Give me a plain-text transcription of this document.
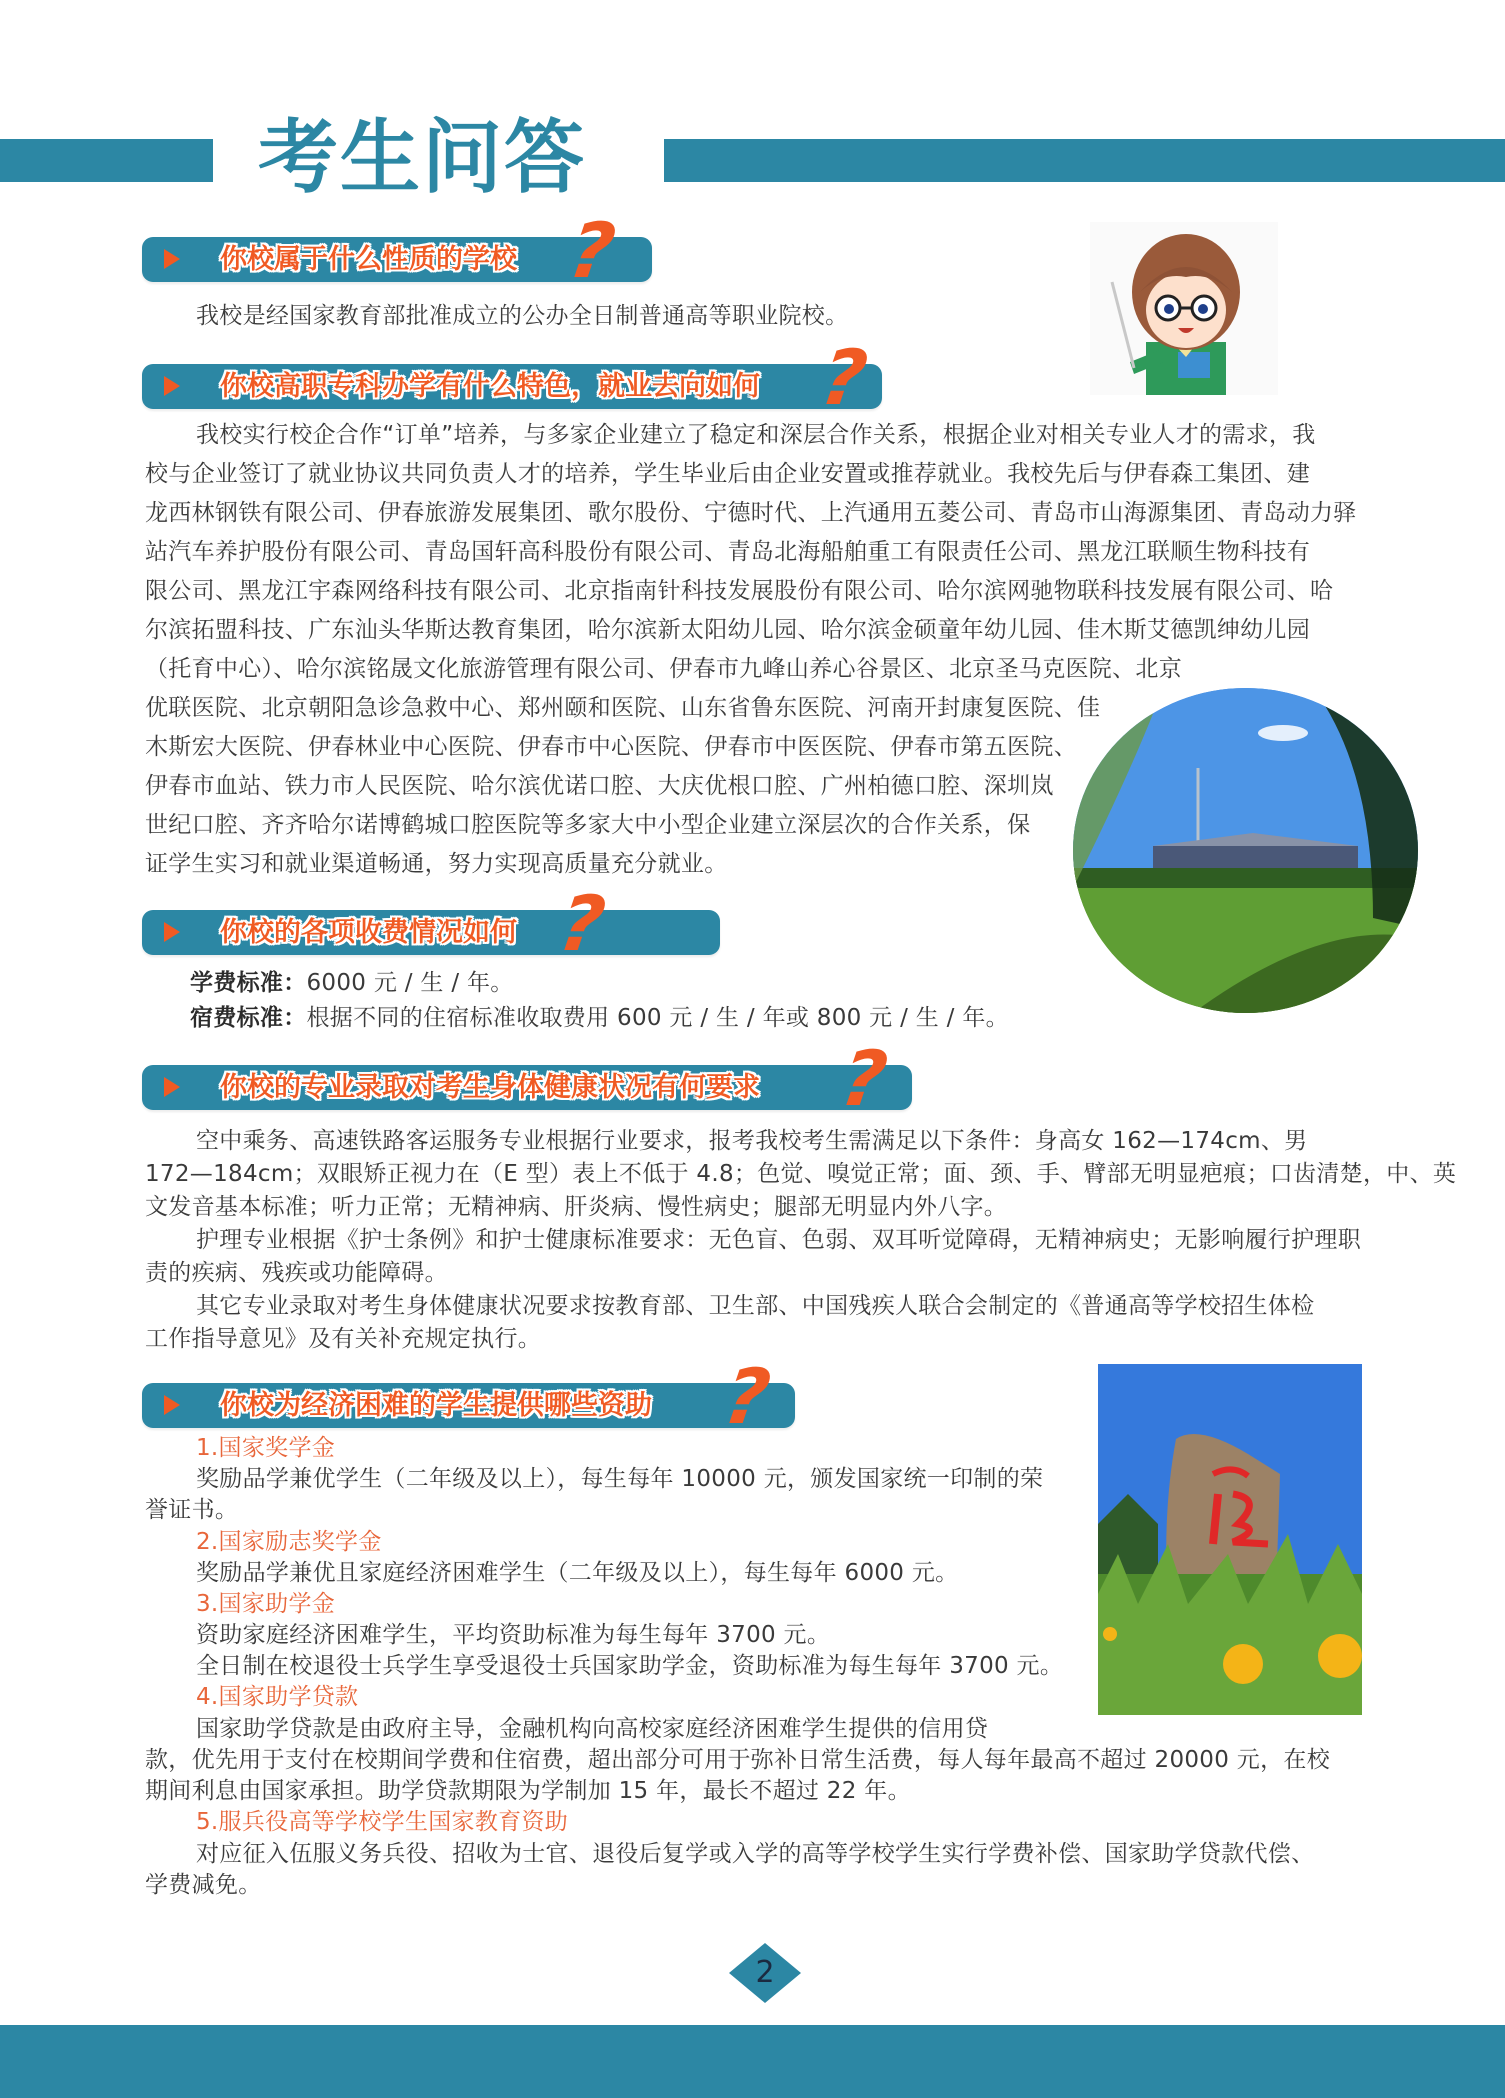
考生问答
你校属于什么性质的学校 ?
我校是经国家教育部批准成立的公办全日制普通高等职业院校。
你校高职专科办学有什么特色，就业去向如何 ?
我校实行校企合作“订单”培养，与多家企业建立了稳定和深层合作关系，根据企业对相关专业人才的需求，我
校与企业签订了就业协议共同负责人才的培养，学生毕业后由企业安置或推荐就业。我校先后与伊春森工集团、建
龙西林钢铁有限公司、伊春旅游发展集团、歌尔股份、宁德时代、上汽通用五菱公司、青岛市山海源集团、青岛动力驿
站汽车养护股份有限公司、青岛国轩高科股份有限公司、青岛北海船舶重工有限责任公司、黑龙江联顺生物科技有
限公司、黑龙江宇森网络科技有限公司、北京指南针科技发展股份有限公司、哈尔滨网驰物联科技发展有限公司、哈
尔滨拓盟科技、广东汕头华斯达教育集团，哈尔滨新太阳幼儿园、哈尔滨金硕童年幼儿园、佳木斯艾德凯绅幼儿园
（托育中心）、哈尔滨铭晟文化旅游管理有限公司、伊春市九峰山养心谷景区、北京圣马克医院、北京
优联医院、北京朝阳急诊急救中心、郑州颐和医院、山东省鲁东医院、河南开封康复医院、佳
木斯宏大医院、伊春林业中心医院、伊春市中心医院、伊春市中医医院、伊春市第五医院、
伊春市血站、铁力市人民医院、哈尔滨优诺口腔、大庆优根口腔、广州柏德口腔、深圳岚
世纪口腔、齐齐哈尔诺博鹤城口腔医院等多家大中小型企业建立深层次的合作关系，保
证学生实习和就业渠道畅通，努力实现高质量充分就业。
你校的各项收费情况如何 ?
学费标准：6000 元 / 生 / 年。
宿费标准：根据不同的住宿标准收取费用 600 元 / 生 / 年或 800 元 / 生 / 年。
你校的专业录取对考生身体健康状况有何要求 ?
空中乘务、高速铁路客运服务专业根据行业要求，报考我校考生需满足以下条件：身高女 162—174cm、男
172—184cm；双眼矫正视力在（E 型）表上不低于 4.8；色觉、嗅觉正常；面、颈、手、臂部无明显疤痕；口齿清楚，中、英
文发音基本标准；听力正常；无精神病、肝炎病、慢性病史；腿部无明显内外八字。
护理专业根据《护士条例》和护士健康标准要求：无色盲、色弱、双耳听觉障碍，无精神病史；无影响履行护理职
责的疾病、残疾或功能障碍。
其它专业录取对考生身体健康状况要求按教育部、卫生部、中国残疾人联合会制定的《普通高等学校招生体检
工作指导意见》及有关补充规定执行。
你校为经济困难的学生提供哪些资助 ?
1.国家奖学金
奖励品学兼优学生（二年级及以上），每生每年 10000 元，颁发国家统一印制的荣
誉证书。
2.国家励志奖学金
奖励品学兼优且家庭经济困难学生（二年级及以上），每生每年 6000 元。
3.国家助学金
资助家庭经济困难学生，平均资助标准为每生每年 3700 元。
全日制在校退役士兵学生享受退役士兵国家助学金，资助标准为每生每年 3700 元。
4.国家助学贷款
国家助学贷款是由政府主导，金融机构向高校家庭经济困难学生提供的信用贷
款，优先用于支付在校期间学费和住宿费，超出部分可用于弥补日常生活费，每人每年最高不超过 20000 元，在校
期间利息由国家承担。助学贷款期限为学制加 15 年，最长不超过 22 年。
5.服兵役高等学校学生国家教育资助
对应征入伍服义务兵役、招收为士官、退役后复学或入学的高等学校学生实行学费补偿、国家助学贷款代偿、
学费减免。
2
